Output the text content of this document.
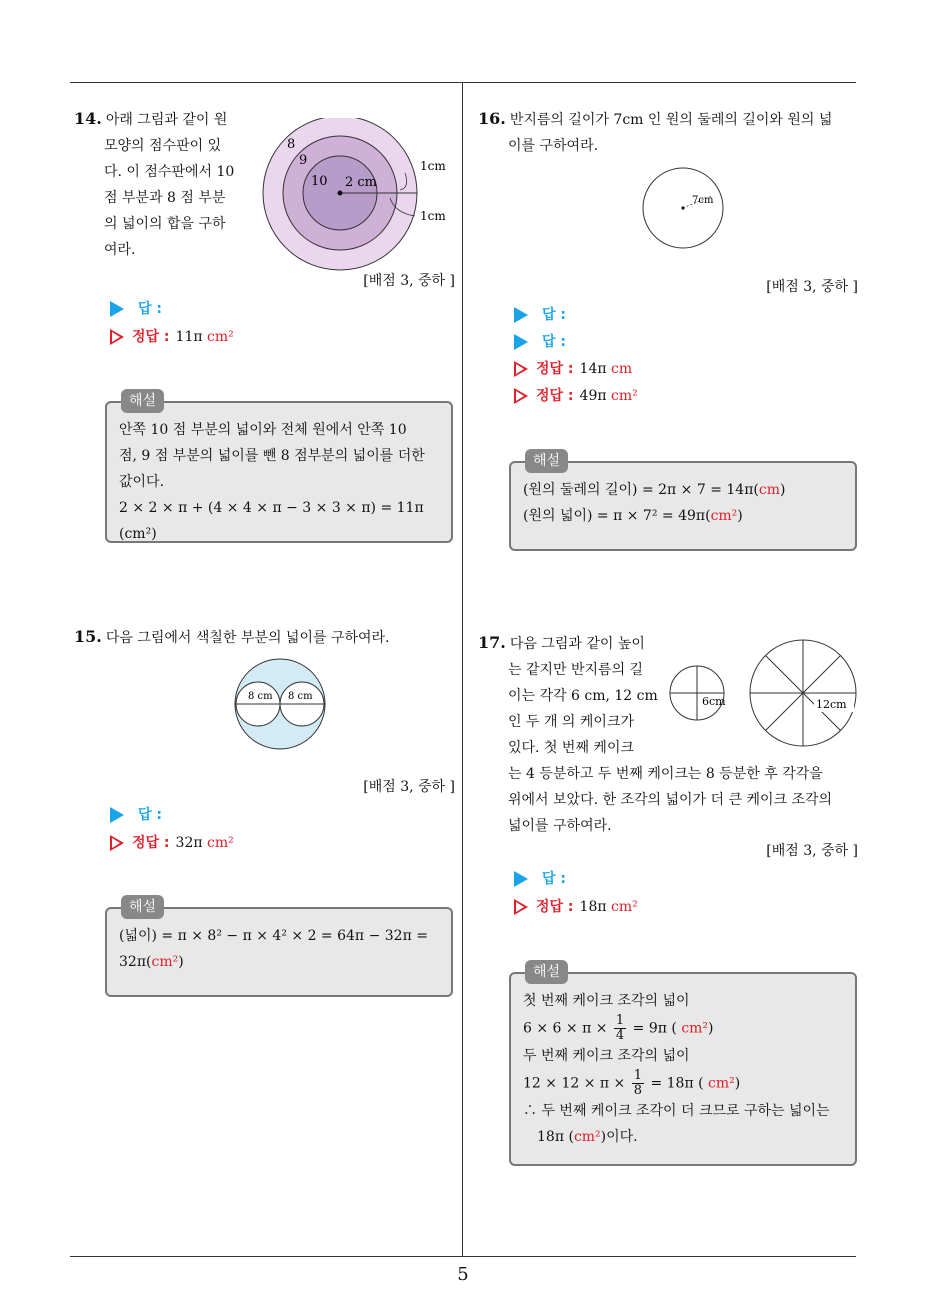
5
14. 아래 그림과 같이 원
모양의 점수판이 있
다. 이 점수판에서 10
점 부분과 8 점 부분
의 넓이의 합을 구하
여라.
8
9
10 2 cm
1cm
1cm
[배점 3, 중하 ]
답 :
정답 : 11π
cm²
해설
안쪽 10 점 부분의 넓이와 전체 원에서 안쪽 10
점, 9 점 부분의 넓이를 뺀 8 점부분의 넓이를 더한
값이다.
2 × 2 × π + (4 × 4 × π − 3 × 3 × π) = 11π (cm²)
15. 다음 그림에서 색칠한 부분의 넓이를 구하여라.
8 cm 8 cm
[배점 3, 중하 ]
답 :
정답 : 32π
cm²
해설
(넓이) = π × 8² − π × 4² × 2 = 64π − 32π =
32π(cm²)
16. 반지름의 길이가 7cm 인 원의 둘레의 길이와 원의 넓
이를 구하여라.
7cm
[배점 3, 중하 ]
답 :
답 :
정답 : 14π
cm
정답 : 49π
cm²
해설
(원의 둘레의 길이) = 2π × 7 = 14π(cm)
(원의 넓이) = π × 7² = 49π(cm²)
17. 다음 그림과 같이 높이
는 같지만 반지름의 길
이는 각각 6 cm, 12 cm
인 두 개 의 케이크가
있다. 첫 번째 케이크
는 4 등분하고 두 번째 케이크는 8 등분한 후 각각을
위에서 보았다. 한 조각의 넓이가 더 큰 케이크 조각의
넓이를 구하여라.
6cm	12cm
[배점 3, 중하 ]
답 :
정답 : 18π
cm²
해설
첫 번째 케이크 조각의 넓이
$6 \times 6 \times \pi \times \frac{1}{4} = 9\pi$ ( cm²)
두 번째 케이크 조각의 넓이
$12 \times 12 \times \pi \times \frac{1}{8} = 18\pi$ ( cm²)
∴ 두 번째 케이크 조각이 더 크므로 구하는 넓이는
18π (cm²)이다.
